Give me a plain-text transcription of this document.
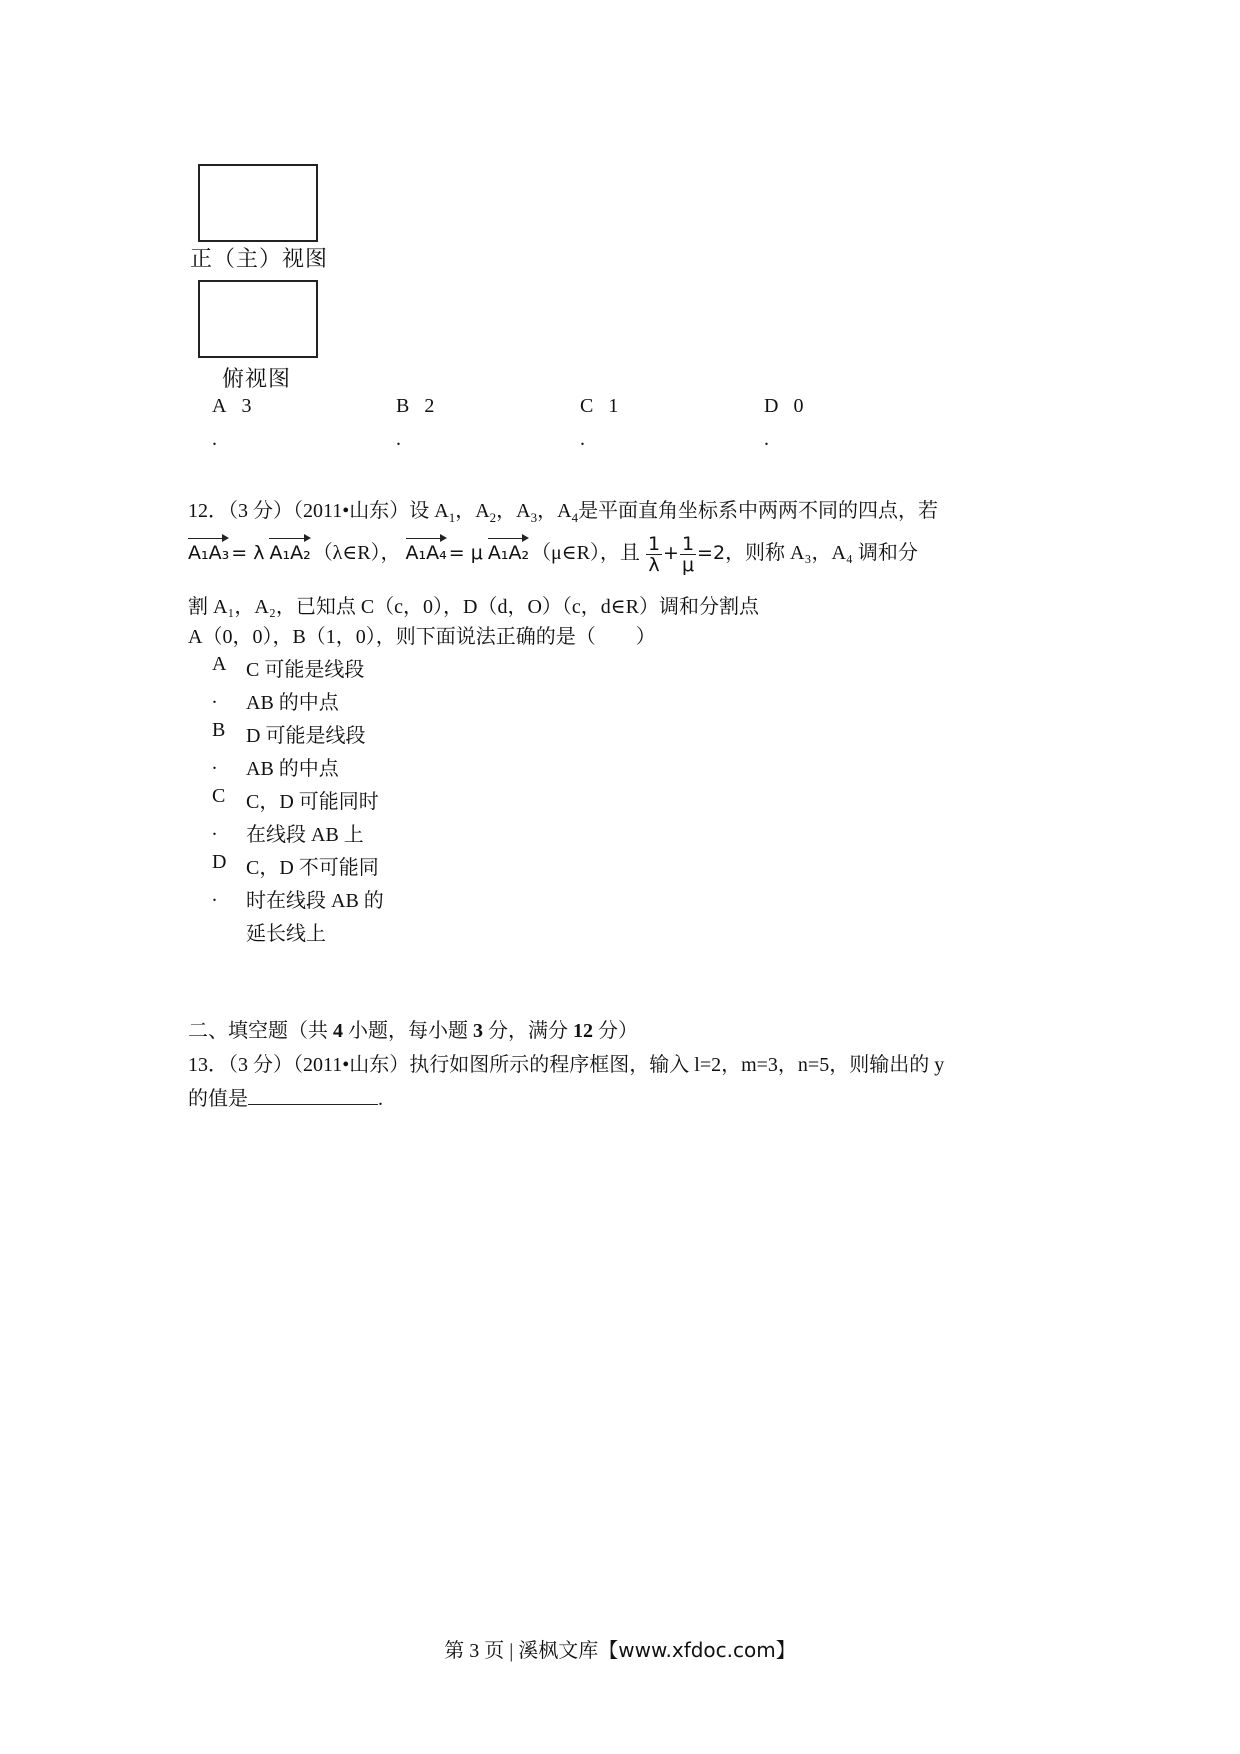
正（主）视图
俯视图
A 3
.
B 2
.
C 1
.
D 0
.
12．（3 分）（2011•山东）设 $A_1$，$A_2$，$A_3$，$A_4$是平面直角坐标系中两两不同的四点，若
A₁A₃ = λ A₁A₂ （λ∈R）， A₁A₄ = μ A₁A₂ （μ∈R），且 $\frac{1}{\lambda} + \frac{1}{\mu} =2$，则称 A₃，A₄ 调和分
割 A₁，A₂，已知点 C（c，0），D（d，O）（c，d∈R）调和分割点
A（0，0），B（1，0），则下面说法正确的是（　　）
A C 可能是线段
. AB 的中点
B D 可能是线段
. AB 的中点
C C，D 可能同时
. 在线段 AB 上
D C，D 不可能同
. 时在线段 AB 的
延长线上
二、填空题（共 4 小题，每小题 3 分，满分 12 分）
13．（3 分）（2011•山东）执行如图所示的程序框图，输入 l=2，m=3，n=5，则输出的 y
的值是	.
第 3 页 | 溪枫文库【www.xfdoc.com】
